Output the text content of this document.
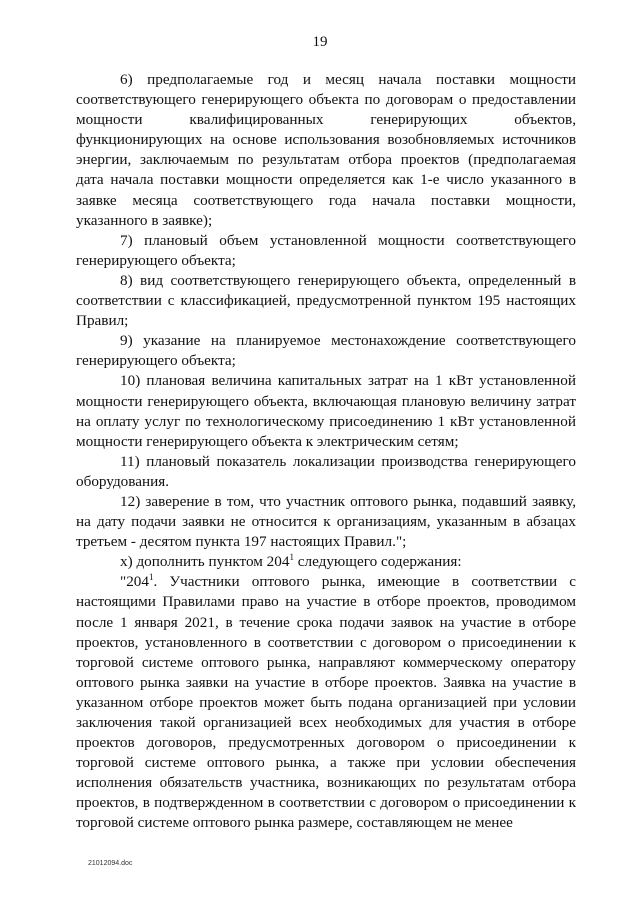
19

6) предполагаемые год и месяц начала поставки мощности соответствующего генерирующего объекта по договорам о предоставлении мощности квалифицированных генерирующих объектов, функционирующих на основе использования возобновляемых источников энергии, заключаемым по результатам отбора проектов (предполагаемая дата начала поставки мощности определяется как 1-е число указанного в заявке месяца соответствующего года начала поставки мощности, указанного в заявке);

7) плановый объем установленной мощности соответствующего генерирующего объекта;

8) вид соответствующего генерирующего объекта, определенный в соответствии с классификацией, предусмотренной пунктом 195 настоящих Правил;

9) указание на планируемое местонахождение соответствующего генерирующего объекта;

10) плановая величина капитальных затрат на 1 кВт установленной мощности генерирующего объекта, включающая плановую величину затрат на оплату услуг по технологическому присоединению 1 кВт установленной мощности генерирующего объекта к электрическим сетям;

11) плановый показатель локализации производства генерирующего оборудования.

12) заверение в том, что участник оптового рынка, подавший заявку, на дату подачи заявки не относится к организациям, указанным в абзацах третьем - десятом пункта 197 настоящих Правил.";

х) дополнить пунктом $204^1$ следующего содержания:

"$204^1$. Участники оптового рынка, имеющие в соответствии с настоящими Правилами право на участие в отборе проектов, проводимом после 1 января 2021, в течение срока подачи заявок на участие в отборе проектов, установленного в соответствии с договором о присоединении к торговой системе оптового рынка, направляют коммерческому оператору оптового рынка заявки на участие в отборе проектов. Заявка на участие в указанном отборе проектов может быть подана организацией при условии заключения такой организацией всех необходимых для участия в отборе проектов договоров, предусмотренных договором о присоединении к торговой системе оптового рынка, а также при условии обеспечения исполнения обязательств участника, возникающих по результатам отбора проектов, в подтвержденном в соответствии с договором о присоединении к торговой системе оптового рынка размере, составляющем не менее

21012094.doc
